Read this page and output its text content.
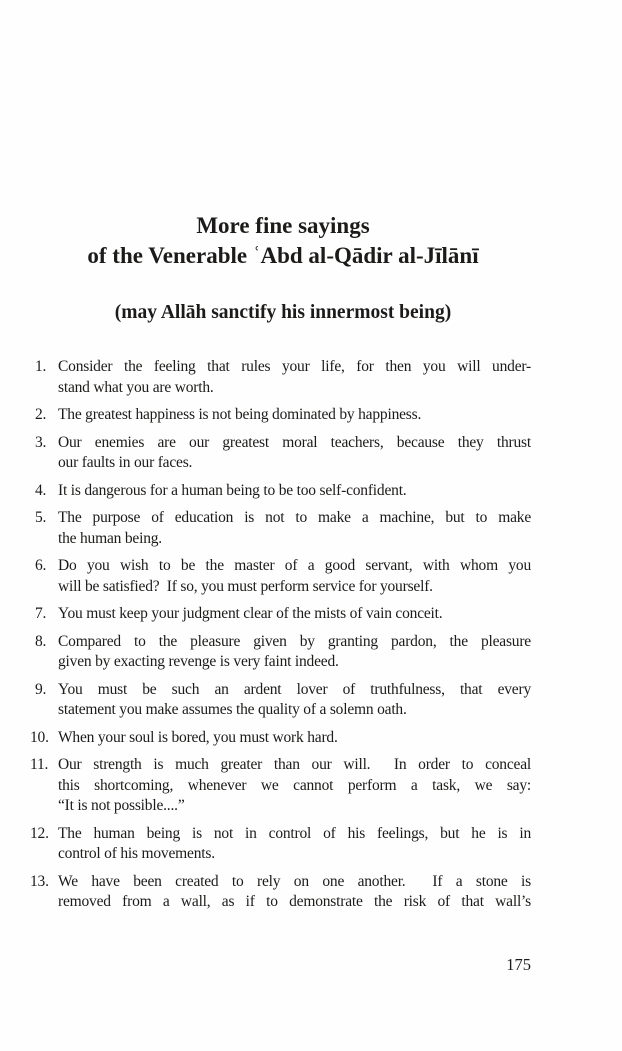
More fine sayings
of the Venerable ʿAbd al-Qādir al-Jīlānī
(may Allāh sanctify his innermost being)
1. Consider the feeling that rules your life, for then you will under-
stand what you are worth.
2. The greatest happiness is not being dominated by happiness.
3. Our enemies are our greatest moral teachers, because they thrust
our faults in our faces.
4. It is dangerous for a human being to be too self-confident.
5. The purpose of education is not to make a machine, but to make
the human being.
6. Do you wish to be the master of a good servant, with whom you
will be satisfied?  If so, you must perform service for yourself.
7. You must keep your judgment clear of the mists of vain conceit.
8. Compared to the pleasure given by granting pardon, the pleasure
given by exacting revenge is very faint indeed.
9. You must be such an ardent lover of truthfulness, that every
statement you make assumes the quality of a solemn oath.
10. When your soul is bored, you must work hard.
11. Our strength is much greater than our will.  In order to conceal
this shortcoming, whenever we cannot perform a task, we say:
“It is not possible....”
12. The human being is not in control of his feelings, but he is in
control of his movements.
13. We have been created to rely on one another.  If a stone is
removed from a wall, as if to demonstrate the risk of that wall’s
175
